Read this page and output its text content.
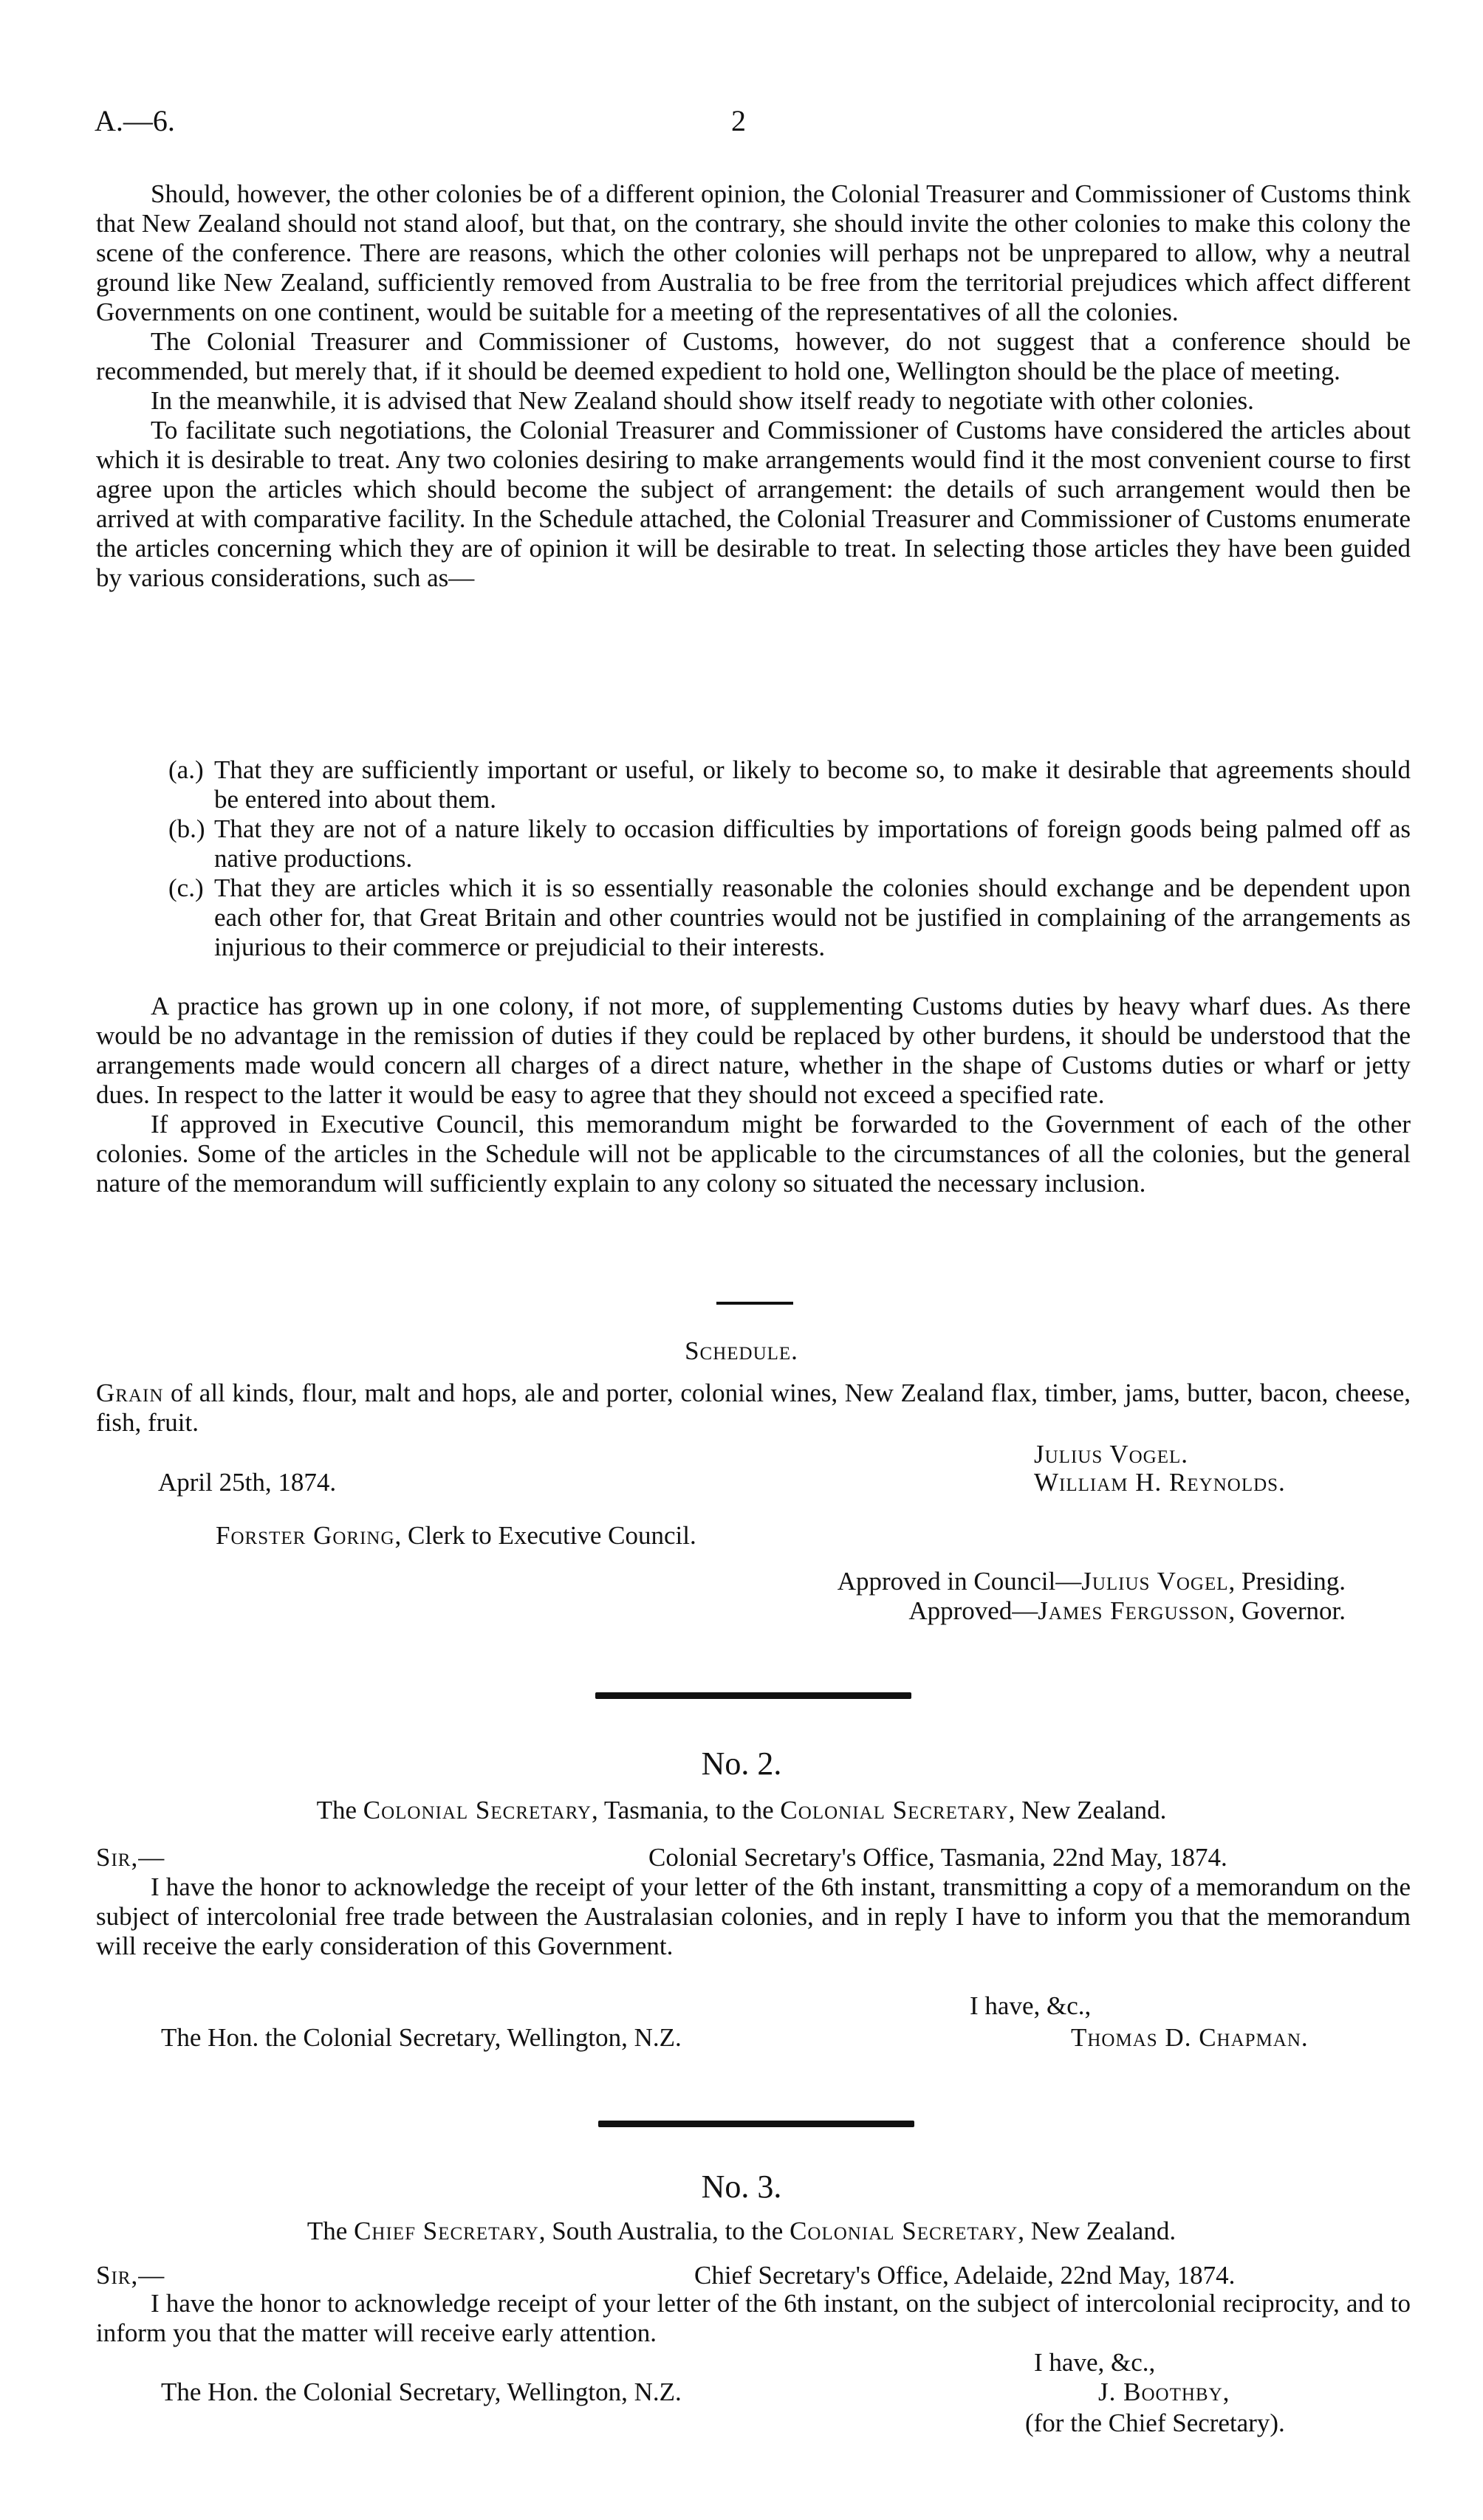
A.—6.	2

Should, however, the other colonies be of a different opinion, the Colonial Treasurer and Commissioner of Customs think that New Zealand should not stand aloof, but that, on the contrary, she should invite the other colonies to make this colony the scene of the conference. There are reasons, which the other colonies will perhaps not be unprepared to allow, why a neutral ground like New Zealand, sufficiently removed from Australia to be free from the territorial prejudices which affect different Governments on one continent, would be suitable for a meeting of the representatives of all the colonies.

The Colonial Treasurer and Commissioner of Customs, however, do not suggest that a conference should be recommended, but merely that, if it should be deemed expedient to hold one, Wellington should be the place of meeting.

In the meanwhile, it is advised that New Zealand should show itself ready to negotiate with other colonies.

To facilitate such negotiations, the Colonial Treasurer and Commissioner of Customs have considered the articles about which it is desirable to treat. Any two colonies desiring to make arrangements would find it the most convenient course to first agree upon the articles which should become the subject of arrangement: the details of such arrangement would then be arrived at with comparative facility. In the Schedule attached, the Colonial Treasurer and Commissioner of Customs enumerate the articles concerning which they are of opinion it will be desirable to treat. In selecting those articles they have been guided by various considerations, such as—

(a.) That they are sufficiently important or useful, or likely to become so, to make it desirable that agreements should be entered into about them.
(b.) That they are not of a nature likely to occasion difficulties by importations of foreign goods being palmed off as native productions.
(c.) That they are articles which it is so essentially reasonable the colonies should exchange and be dependent upon each other for, that Great Britain and other countries would not be justified in complaining of the arrangements as injurious to their commerce or prejudicial to their interests.

A practice has grown up in one colony, if not more, of supplementing Customs duties by heavy wharf dues. As there would be no advantage in the remission of duties if they could be replaced by other burdens, it should be understood that the arrangements made would concern all charges of a direct nature, whether in the shape of Customs duties or wharf or jetty dues. In respect to the latter it would be easy to agree that they should not exceed a specified rate.

If approved in Executive Council, this memorandum might be forwarded to the Government of each of the other colonies. Some of the articles in the Schedule will not be applicable to the circumstances of all the colonies, but the general nature of the memorandum will sufficiently explain to any colony so situated the necessary inclusion.

Schedule.
Grain of all kinds, flour, malt and hops, ale and porter, colonial wines, New Zealand flax, timber, jams, butter, bacon, cheese, fish, fruit.
Julius Vogel.
April 25th, 1874.	William H. Reynolds.
Forster Goring, Clerk to Executive Council.
Approved in Council—Julius Vogel, Presiding.
Approved—James Fergusson, Governor.
No. 2.
The Colonial Secretary, Tasmania, to the Colonial Secretary, New Zealand.
Sir,—	Colonial Secretary's Office, Tasmania, 22nd May, 1874.

I have the honor to acknowledge the receipt of your letter of the 6th instant, transmitting a copy of a memorandum on the subject of intercolonial free trade between the Australasian colonies, and in reply I have to inform you that the memorandum will receive the early consideration of this Government.

I have, &c.,
The Hon. the Colonial Secretary, Wellington, N.Z.	Thomas D. Chapman.
No. 3.
The Chief Secretary, South Australia, to the Colonial Secretary, New Zealand.
Sir,—	Chief Secretary's Office, Adelaide, 22nd May, 1874.

I have the honor to acknowledge receipt of your letter of the 6th instant, on the subject of intercolonial reciprocity, and to inform you that the matter will receive early attention.

I have, &c.,
The Hon. the Colonial Secretary, Wellington, N.Z.	J. Boothby,
(for the Chief Secretary).
